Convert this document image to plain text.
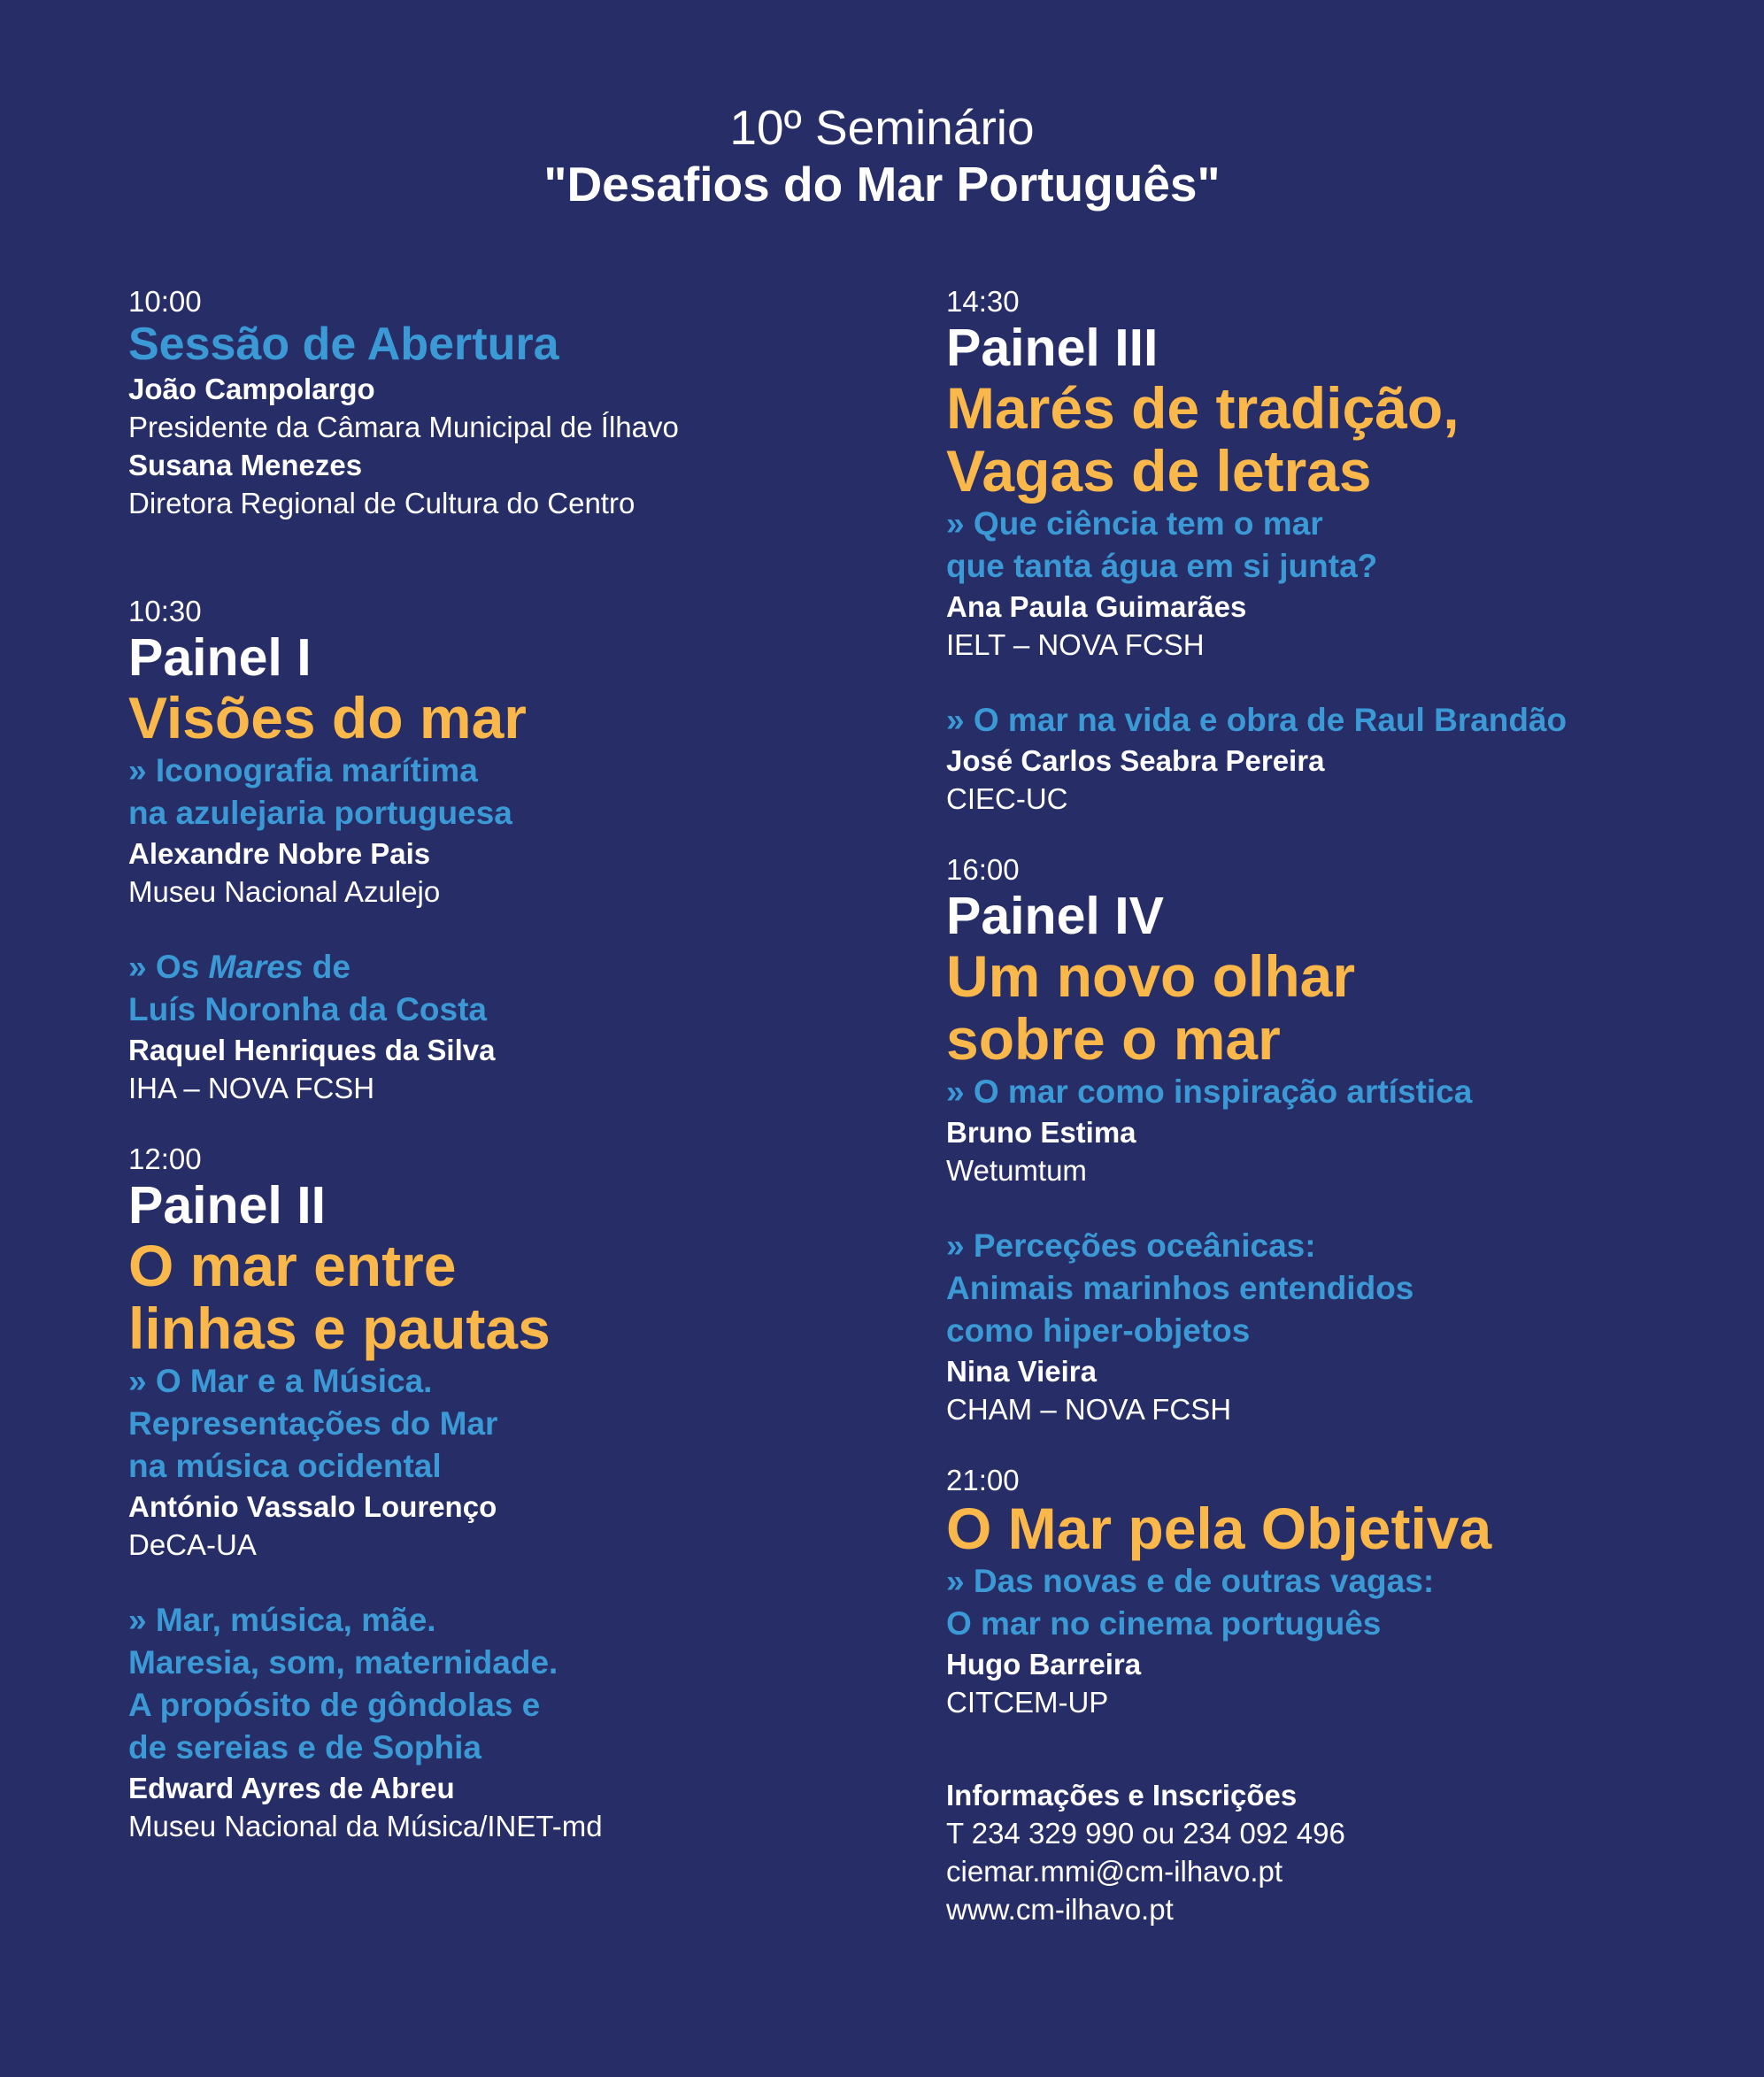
10º Seminário
"Desafios do Mar Português"
10:00
Sessão de Abertura
João Campolargo
Presidente da Câmara Municipal de Ílhavo
Susana Menezes
Diretora Regional de Cultura do Centro
10:30
Painel I
Visões do mar
» Iconografia marítima
na azulejaria portuguesa
Alexandre Nobre Pais
Museu Nacional Azulejo
» Os Mares de
Luís Noronha da Costa
Raquel Henriques da Silva
IHA – NOVA FCSH
12:00
Painel II
O mar entre
linhas e pautas
» O Mar e a Música.
Representações do Mar
na música ocidental
António Vassalo Lourenço
DeCA-UA
» Mar, música, mãe.
Maresia, som, maternidade.
A propósito de gôndolas e
de sereias e de Sophia
Edward Ayres de Abreu
Museu Nacional da Música/INET-md
14:30
Painel III
Marés de tradição,
Vagas de letras
» Que ciência tem o mar
que tanta água em si junta?
Ana Paula Guimarães
IELT – NOVA FCSH
» O mar na vida e obra de Raul Brandão
José Carlos Seabra Pereira
CIEC-UC
16:00
Painel IV
Um novo olhar
sobre o mar
» O mar como inspiração artística
Bruno Estima
Wetumtum
» Perceções oceânicas:
Animais marinhos entendidos
como hiper-objetos
Nina Vieira
CHAM – NOVA FCSH
21:00
O Mar pela Objetiva
» Das novas e de outras vagas:
O mar no cinema português
Hugo Barreira
CITCEM-UP
Informações e Inscrições
T 234 329 990 ou 234 092 496
ciemar.mmi@cm-ilhavo.pt
www.cm-ilhavo.pt
